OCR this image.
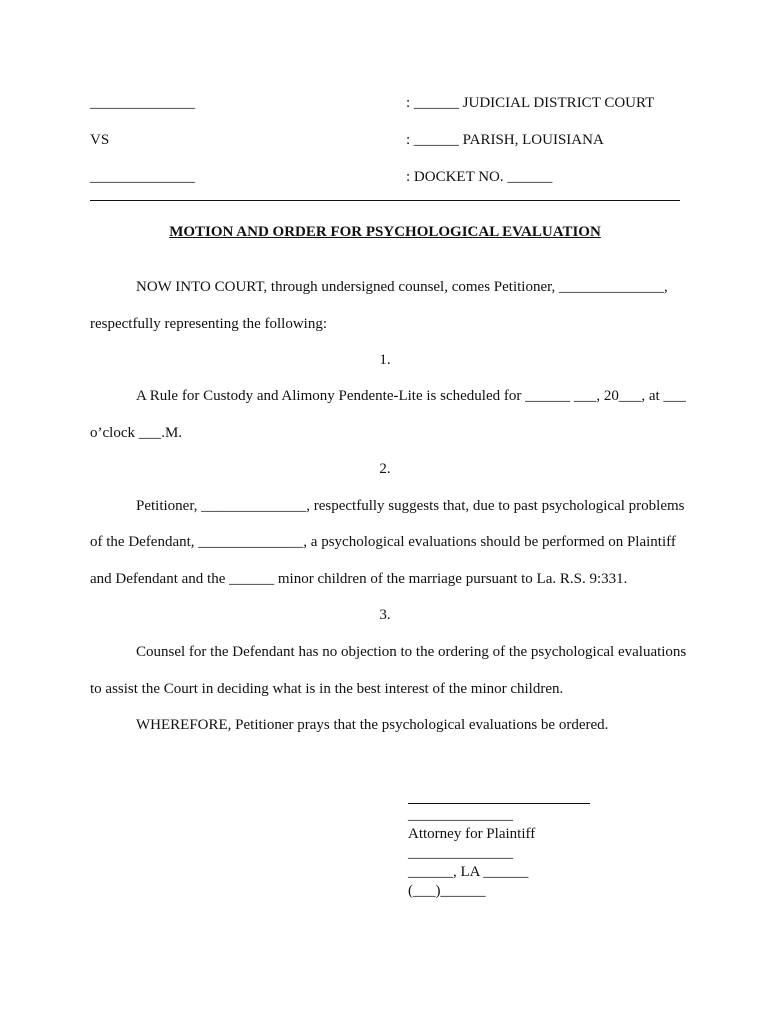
______________	: ______ JUDICIAL DISTRICT COURT
VS	: ______ PARISH, LOUISIANA
______________	: DOCKET NO. ______
MOTION AND ORDER FOR PSYCHOLOGICAL EVALUATION
NOW INTO COURT, through undersigned counsel, comes Petitioner, ______________,
respectfully representing the following:
1.
A Rule for Custody and Alimony Pendente-Lite is scheduled for ______ ___, 20___, at ___
o’clock ___.M.
2.
Petitioner, ______________, respectfully suggests that, due to past psychological problems
of the Defendant, ______________, a psychological evaluations should be performed on Plaintiff
and Defendant and the ______ minor children of the marriage pursuant to La. R.S. 9:331.
3.
Counsel for the Defendant has no objection to the ordering of the psychological evaluations
to assist the Court in deciding what is in the best interest of the minor children.
WHEREFORE, Petitioner prays that the psychological evaluations be ordered.
______________
Attorney for Plaintiff
______________
______, LA ______
(___)______
